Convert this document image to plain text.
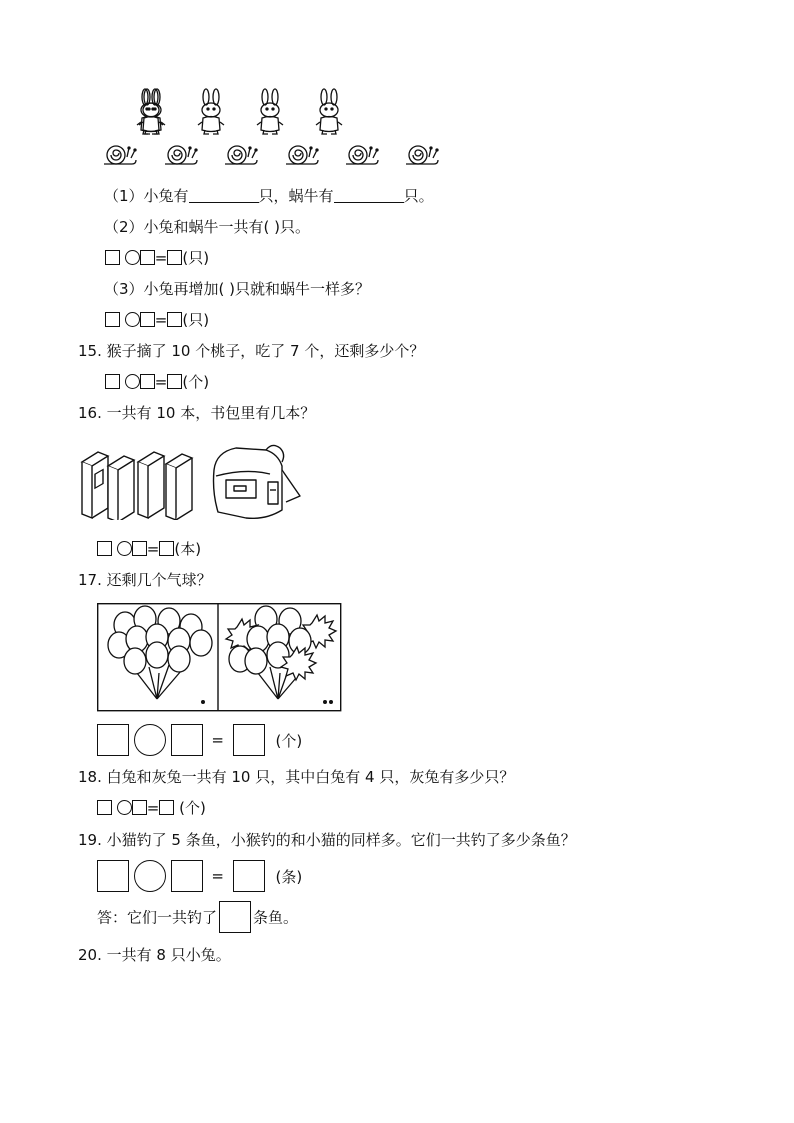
（1）小兔有	只，蜗牛有	只。
（2）小兔和蜗牛一共有( )只。
= (只)
（3）小兔再增加( )只就和蜗牛一样多？
= (只)
15. 猴子摘了 10 个桃子，吃了 7 个，还剩多少个？
= (个)
16. 一共有 10 本，书包里有几本？
= (本)
17. 还剩几个气球？
=	(个)
18. 白兔和灰兔一共有 10 只，其中白兔有 4 只，灰兔有多少只？
= (个)
19. 小猫钓了 5 条鱼，小猴钓的和小猫的同样多。它们一共钓了多少条鱼？
=	(条)
答：它们一共钓了 条鱼。
20. 一共有 8 只小兔。
